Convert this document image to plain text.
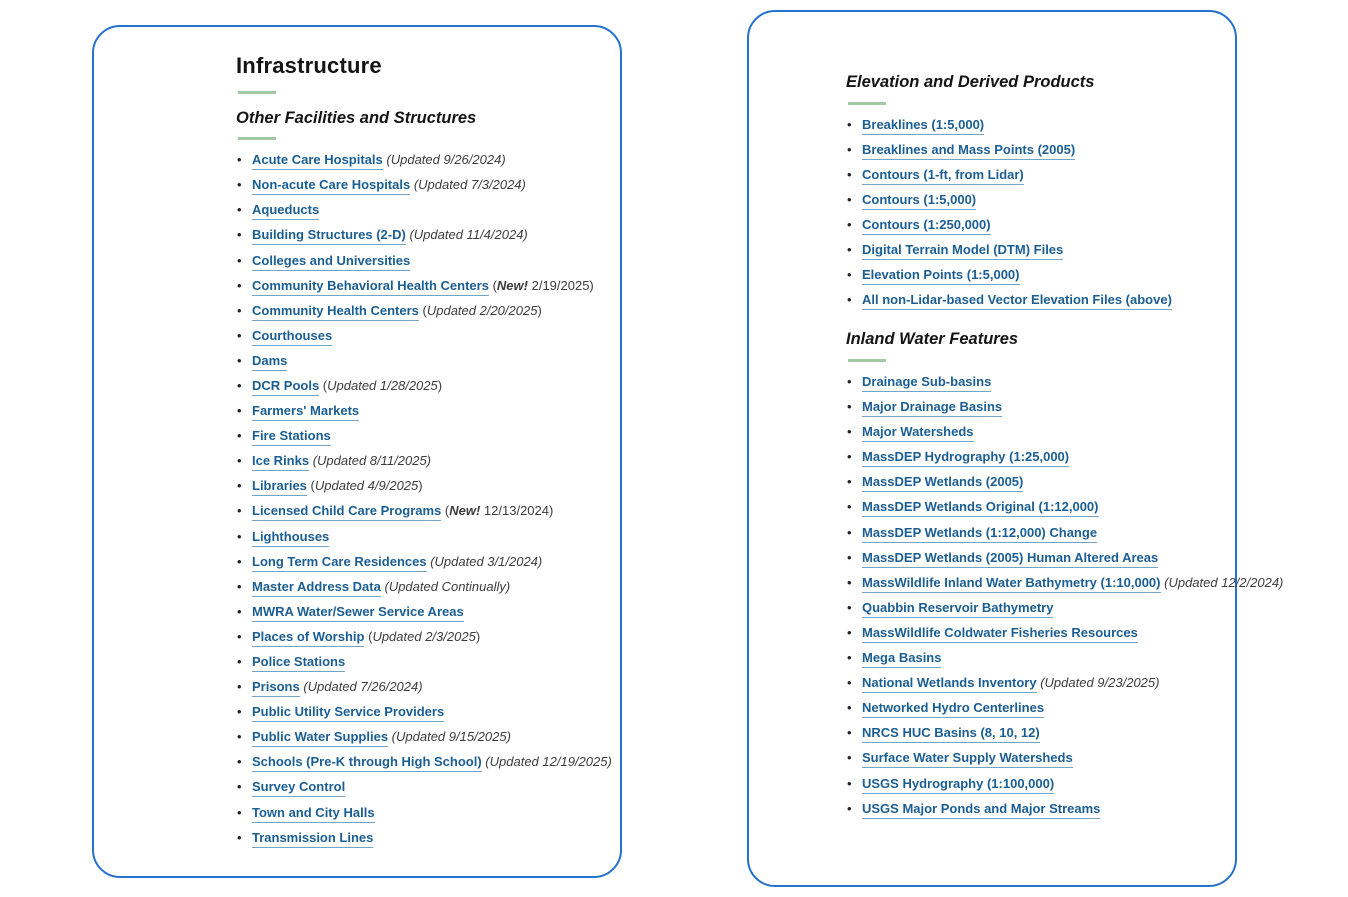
Infrastructure
Other Facilities and Structures
• Acute Care Hospitals (Updated 9/26/2024)
• Non-acute Care Hospitals (Updated 7/3/2024)
• Aqueducts
• Building Structures (2-D) (Updated 11/4/2024)
• Colleges and Universities
• Community Behavioral Health Centers (New! 2/19/2025)
• Community Health Centers (Updated 2/20/2025)
• Courthouses
• Dams
• DCR Pools (Updated 1/28/2025)
• Farmers' Markets
• Fire Stations
• Ice Rinks (Updated 8/11/2025)
• Libraries (Updated 4/9/2025)
• Licensed Child Care Programs (New! 12/13/2024)
• Lighthouses
• Long Term Care Residences (Updated 3/1/2024)
• Master Address Data (Updated Continually)
• MWRA Water/Sewer Service Areas
• Places of Worship (Updated 2/3/2025)
• Police Stations
• Prisons (Updated 7/26/2024)
• Public Utility Service Providers
• Public Water Supplies (Updated 9/15/2025)
• Schools (Pre-K through High School) (Updated 12/19/2025)
• Survey Control
• Town and City Halls
• Transmission Lines
Elevation and Derived Products
• Breaklines (1:5,000)
• Breaklines and Mass Points (2005)
• Contours (1-ft, from Lidar)
• Contours (1:5,000)
• Contours (1:250,000)
• Digital Terrain Model (DTM) Files
• Elevation Points (1:5,000)
• All non-Lidar-based Vector Elevation Files (above)
Inland Water Features
• Drainage Sub-basins
• Major Drainage Basins
• Major Watersheds
• MassDEP Hydrography (1:25,000)
• MassDEP Wetlands (2005)
• MassDEP Wetlands Original (1:12,000)
• MassDEP Wetlands (1:12,000) Change
• MassDEP Wetlands (2005) Human Altered Areas
• MassWildlife Inland Water Bathymetry (1:10,000) (Updated 12/2/2024)
• Quabbin Reservoir Bathymetry
• MassWildlife Coldwater Fisheries Resources
• Mega Basins
• National Wetlands Inventory (Updated 9/23/2025)
• Networked Hydro Centerlines
• NRCS HUC Basins (8, 10, 12)
• Surface Water Supply Watersheds
• USGS Hydrography (1:100,000)
• USGS Major Ponds and Major Streams
